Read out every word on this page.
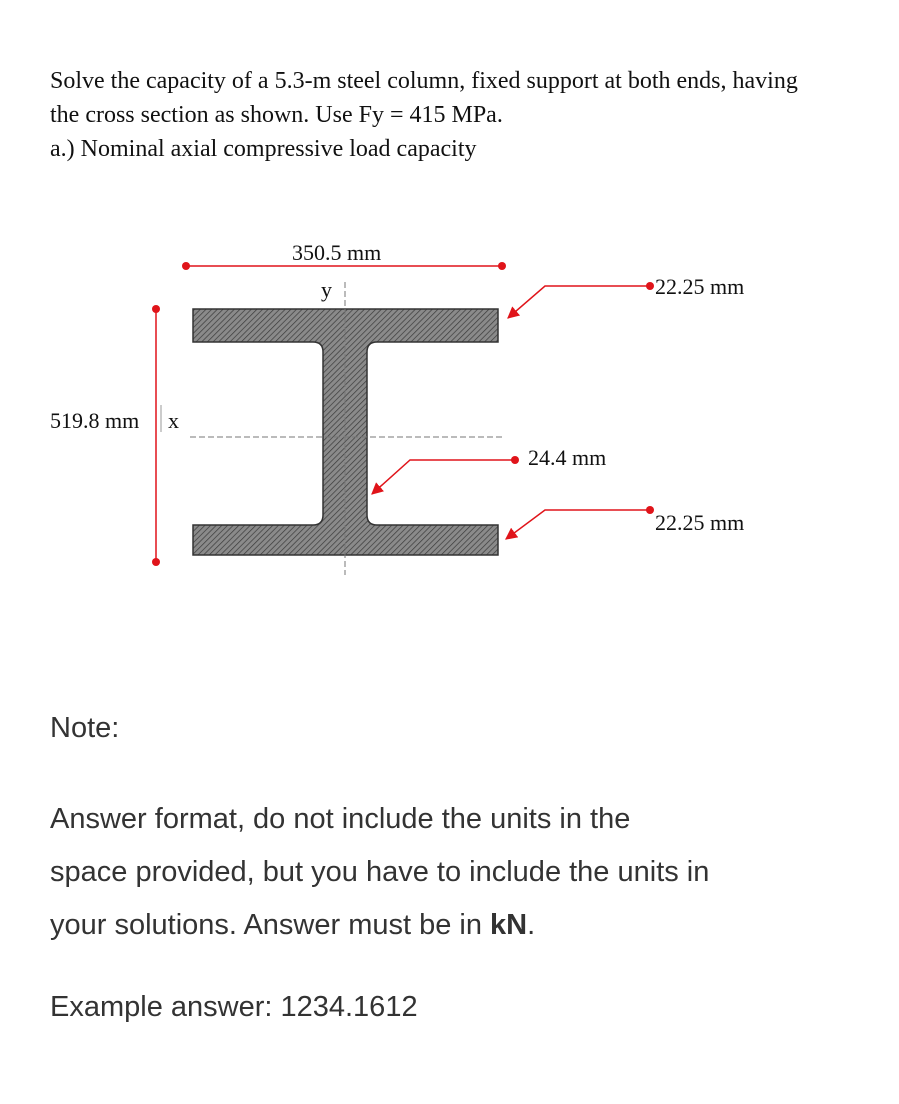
Solve the capacity of a 5.3-m steel column, fixed support at both ends, having
the cross section as shown. Use Fy = 415 MPa.
a.) Nominal axial compressive load capacity
350.5 mm
y
519.8 mm x
22.25 mm
24.4 mm
22.25 mm
Note:
Answer format, do not include the units in the
space provided, but you have to include the units in
your solutions. Answer must be in kN.
Example answer: 1234.1612
